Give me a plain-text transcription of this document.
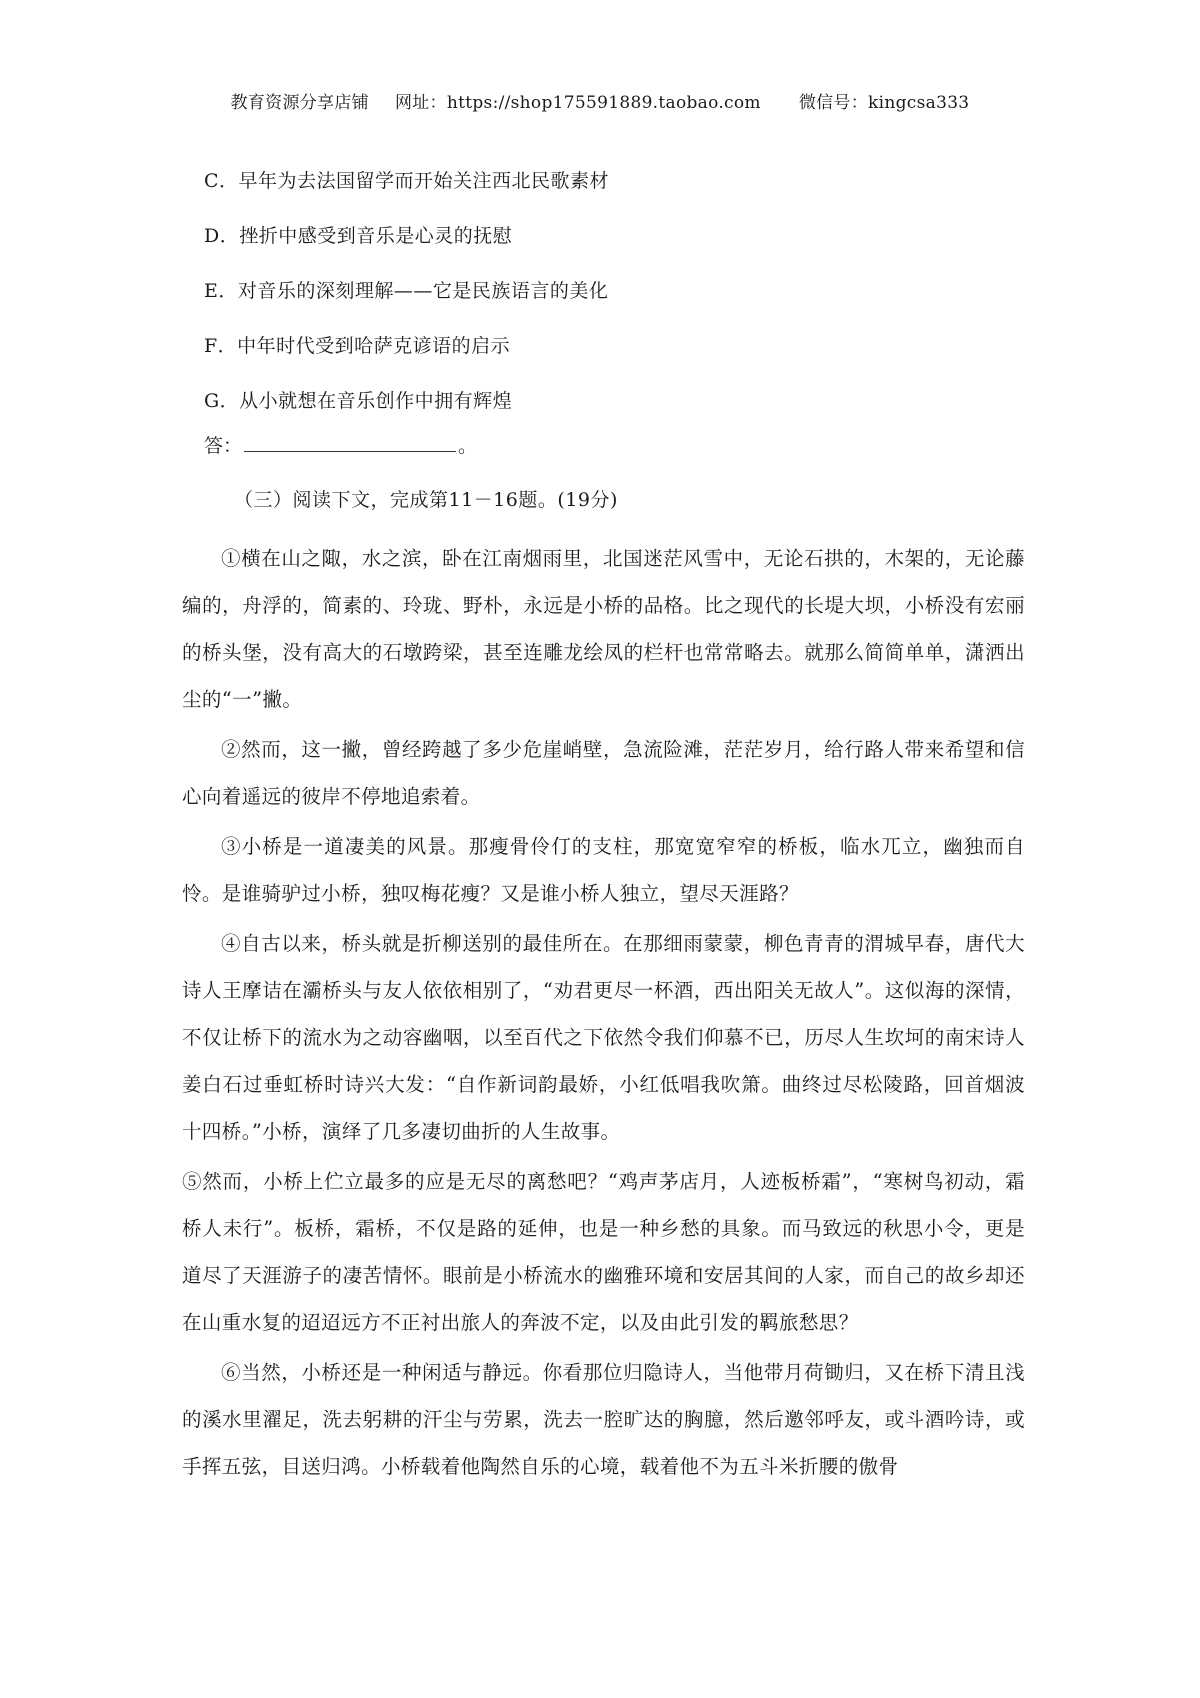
教育资源分享店铺 网址：https://shop175591889.taobao.com 微信号：kingcsa333
C．早年为去法国留学而开始关注西北民歌素材
D．挫折中感受到音乐是心灵的抚慰
E．对音乐的深刻理解——它是民族语言的美化
F．中年时代受到哈萨克谚语的启示
G．从小就想在音乐创作中拥有辉煌
答：	。
（三）阅读下文，完成第11－16题。(19分)

①横在山之陬，水之滨，卧在江南烟雨里，北国迷茫风雪中，无论石拱的，木架的，无论藤编的，舟浮的，简素的、玲珑、野朴，永远是小桥的品格。比之现代的长堤大坝，小桥没有宏丽的桥头堡，没有高大的石墩跨梁，甚至连雕龙绘凤的栏杆也常常略去。就那么简简单单，潇洒出尘的“一”撇。

②然而，这一撇，曾经跨越了多少危崖峭壁，急流险滩，茫茫岁月，给行路人带来希望和信心向着遥远的彼岸不停地追索着。

③小桥是一道凄美的风景。那瘦骨伶仃的支柱，那宽宽窄窄的桥板，临水兀立，幽独而自怜。是谁骑驴过小桥，独叹梅花瘦？又是谁小桥人独立，望尽天涯路？

④自古以来，桥头就是折柳送别的最佳所在。在那细雨蒙蒙，柳色青青的渭城早春，唐代大诗人王摩诘在灞桥头与友人依依相别了，“劝君更尽一杯酒，西出阳关无故人”。这似海的深情，不仅让桥下的流水为之动容幽咽，以至百代之下依然令我们仰慕不已，历尽人生坎坷的南宋诗人姜白石过垂虹桥时诗兴大发：“自作新词韵最娇，小红低唱我吹箫。曲终过尽松陵路，回首烟波十四桥。”小桥，演绎了几多凄切曲折的人生故事。

⑤然而，小桥上伫立最多的应是无尽的离愁吧？“鸡声茅店月，人迹板桥霜”，“寒树鸟初动，霜桥人未行”。板桥，霜桥，不仅是路的延伸，也是一种乡愁的具象。而马致远的秋思小令，更是道尽了天涯游子的凄苦情怀。眼前是小桥流水的幽雅环境和安居其间的人家，而自己的故乡却还在山重水复的迢迢远方不正衬出旅人的奔波不定，以及由此引发的羁旅愁思？

⑥当然，小桥还是一种闲适与静远。你看那位归隐诗人，当他带月荷锄归，又在桥下清且浅的溪水里濯足，洗去躬耕的汗尘与劳累，洗去一腔旷达的胸臆，然后邀邻呼友，或斗酒吟诗，或手挥五弦，目送归鸿。小桥载着他陶然自乐的心境，载着他不为五斗米折腰的傲骨
